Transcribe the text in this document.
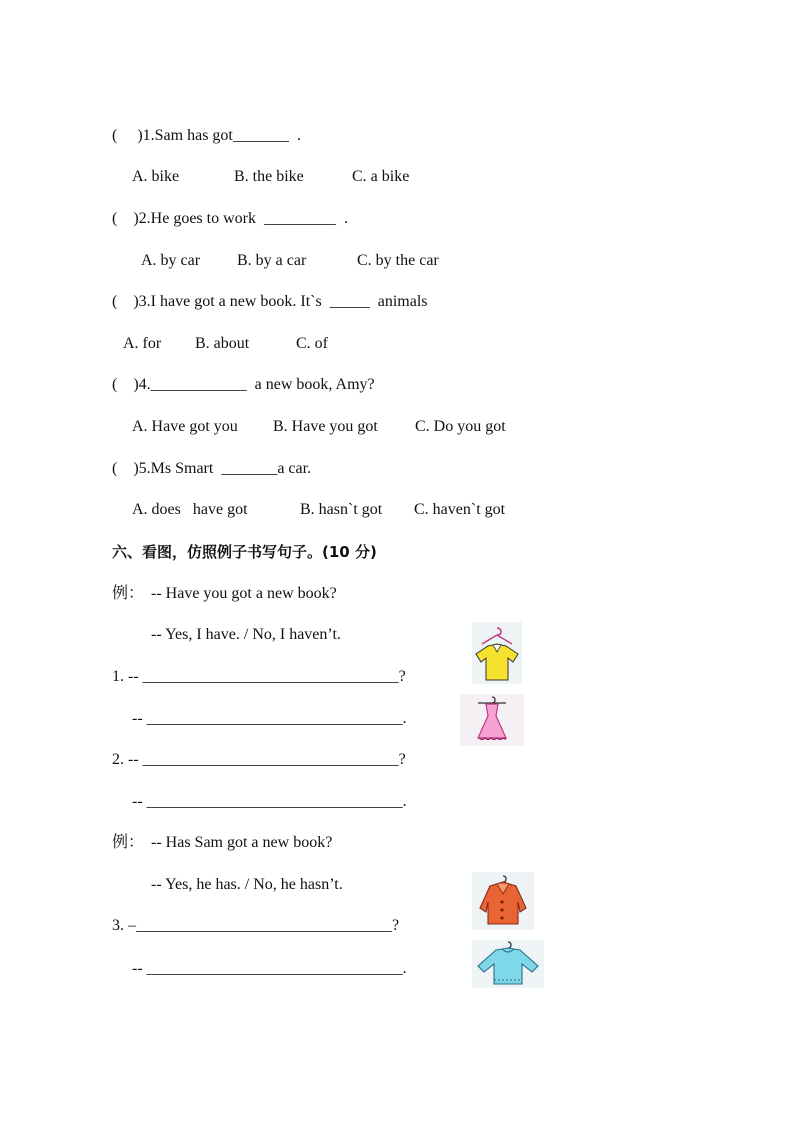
(     )1.Sam has got_______  .
A. bike	B. the bike	C. a bike
(    )2.He goes to work  _________  .
A. by car B. by a car	C. by the car
(    )3.I have got a new book. It`s  _____  animals
A. for B. about	C. of
(    )4.____________  a new book, Amy?
A. Have got you B. Have you got C. Do you got
(    )5.Ms Smart  _______a car.
A. does   have got	B. hasn`t got C. haven`t got
六、看图，仿照例子书写句子。(10 分)
例： -- Have you got a new book?
-- Yes, I have. / No, I haven’t.
1. -- ________________________________?
-- ________________________________.
2. -- ________________________________?
-- ________________________________.
例： -- Has Sam got a new book?
-- Yes, he has. / No, he hasn’t.
3. –________________________________?
-- ________________________________.
